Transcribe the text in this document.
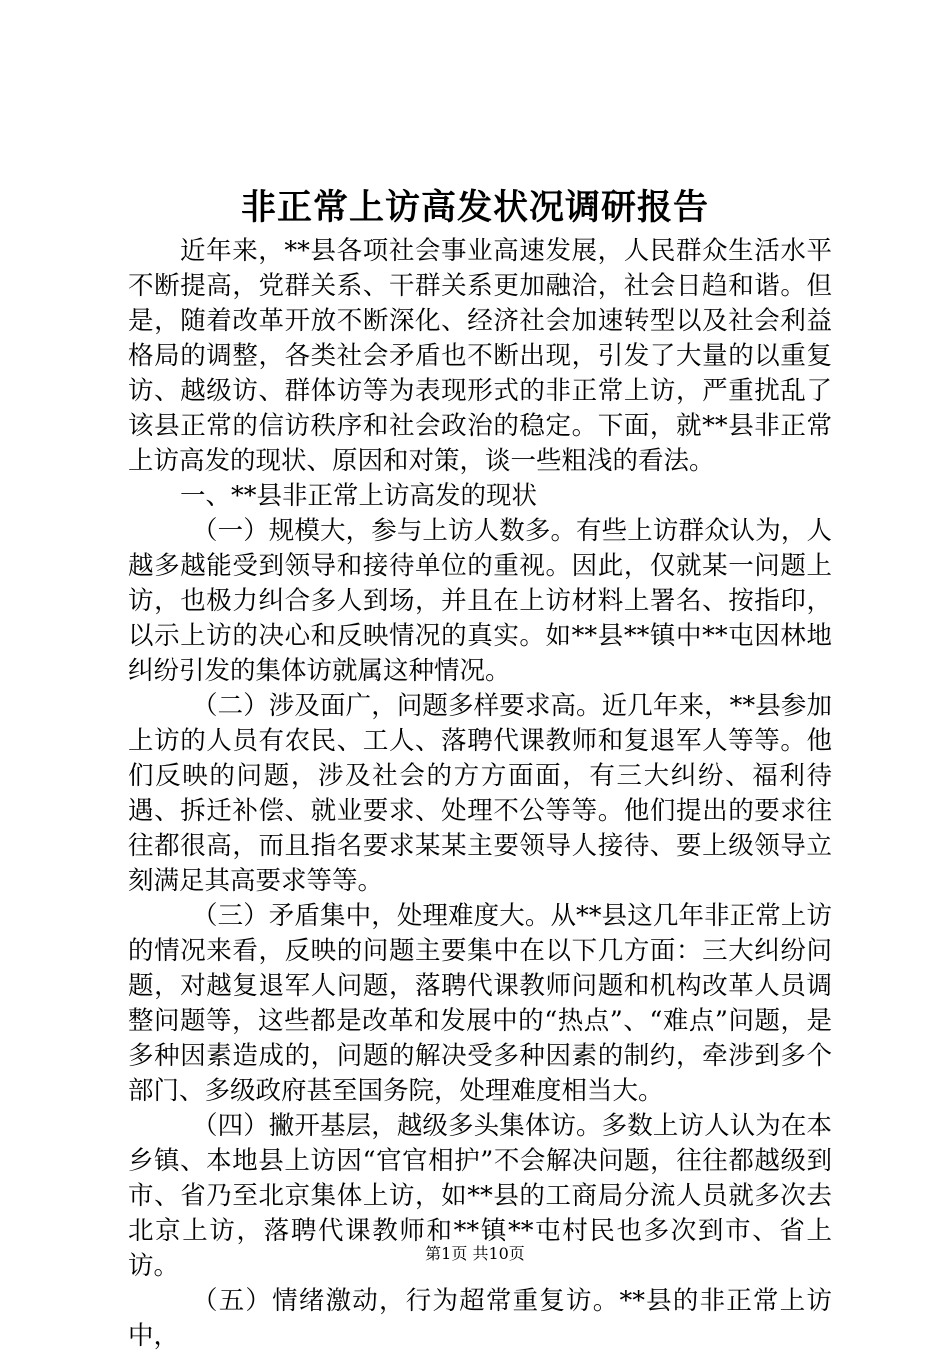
非正常上访高发状况调研报告

近年来，**县各项社会事业高速发展，人民群众生活水平不断提高，党群关系、干群关系更加融洽，社会日趋和谐。但是，随着改革开放不断深化、经济社会加速转型以及社会利益格局的调整，各类社会矛盾也不断出现，引发了大量的以重复访、越级访、群体访等为表现形式的非正常上访，严重扰乱了该县正常的信访秩序和社会政治的稳定。下面，就**县非正常上访高发的现状、原因和对策，谈一些粗浅的看法。

一、**县非正常上访高发的现状

（一）规模大，参与上访人数多。有些上访群众认为，人越多越能受到领导和接待单位的重视。因此，仅就某一问题上访，也极力纠合多人到场，并且在上访材料上署名、按指印，以示上访的决心和反映情况的真实。如**县**镇中**屯因林地纠纷引发的集体访就属这种情况。

（二）涉及面广，问题多样要求高。近几年来，**县参加上访的人员有农民、工人、落聘代课教师和复退军人等等。他们反映的问题，涉及社会的方方面面，有三大纠纷、福利待遇、拆迁补偿、就业要求、处理不公等等。他们提出的要求往往都很高，而且指名要求某某主要领导人接待、要上级领导立刻满足其高要求等等。

（三）矛盾集中，处理难度大。从**县这几年非正常上访的情况来看，反映的问题主要集中在以下几方面：三大纠纷问题，对越复退军人问题，落聘代课教师问题和机构改革人员调整问题等，这些都是改革和发展中的“热点”、“难点”问题，是多种因素造成的，问题的解决受多种因素的制约，牵涉到多个部门、多级政府甚至国务院，处理难度相当大。

（四）撇开基层，越级多头集体访。多数上访人认为在本乡镇、本地县上访因“官官相护”不会解决问题，往往都越级到市、省乃至北京集体上访，如**县的工商局分流人员就多次去北京上访，落聘代课教师和**镇**屯村民也多次到市、省上访。

（五）情绪激动，行为超常重复访。**县的非正常上访中，

第1页 共10页
